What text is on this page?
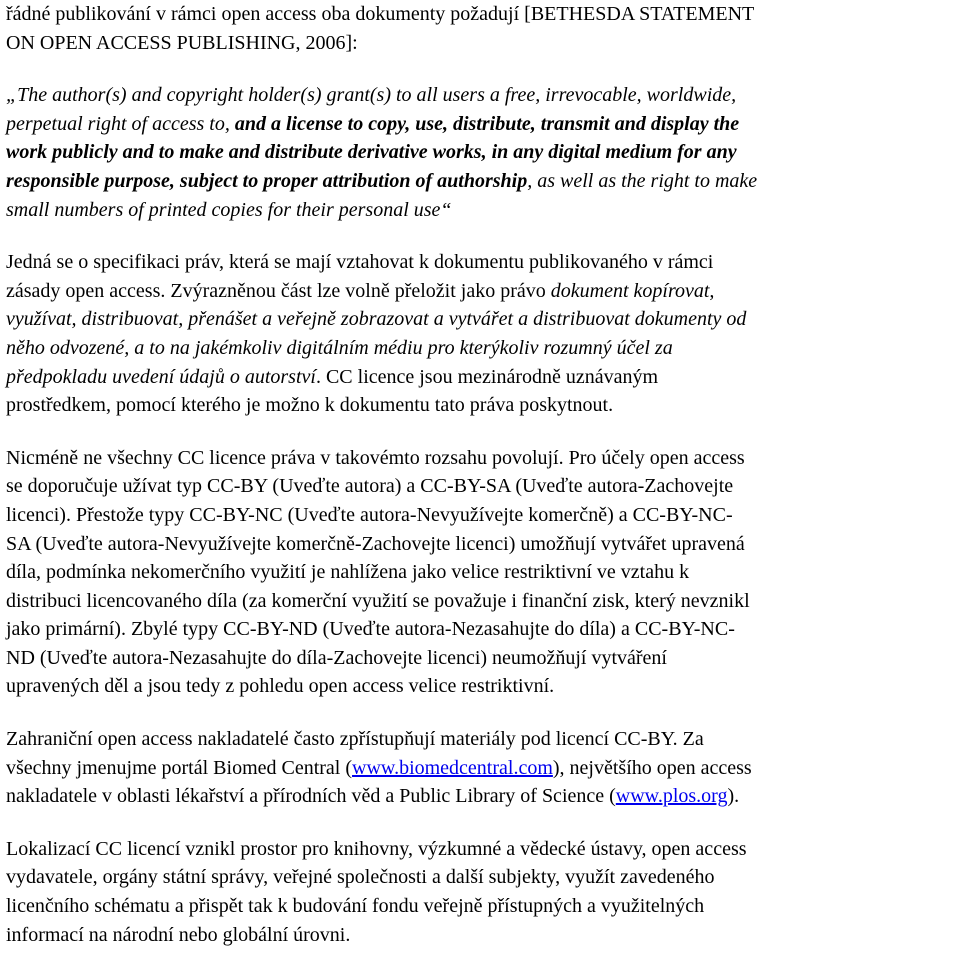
řádné publikování v rámci open access oba dokumenty požadují [BETHESDA STATEMENT
ON OPEN ACCESS PUBLISHING, 2006]:

„The author(s) and copyright holder(s) grant(s) to all users a free, irrevocable, worldwide,
perpetual right of access to, and a license to copy, use, distribute, transmit and display the
work publicly and to make and distribute derivative works, in any digital medium for any
responsible purpose, subject to proper attribution of authorship, as well as the right to make
small numbers of printed copies for their personal use“

Jedná se o specifikaci práv, která se mají vztahovat k dokumentu publikovaného v rámci
zásady open access. Zvýrazněnou část lze volně přeložit jako právo dokument kopírovat,
využívat, distribuovat, přenášet a veřejně zobrazovat a vytvářet a distribuovat dokumenty od
něho odvozené, a to na jakémkoliv digitálním médiu pro kterýkoliv rozumný účel za
předpokladu uvedení údajů o autorství. CC licence jsou mezinárodně uznávaným
prostředkem, pomocí kterého je možno k dokumentu tato práva poskytnout.

Nicméně ne všechny CC licence práva v takovémto rozsahu povolují. Pro účely open access
se doporučuje užívat typ CC-BY (Uveďte autora) a CC-BY-SA (Uveďte autora-Zachovejte
licenci). Přestože typy CC-BY-NC (Uveďte autora-Nevyužívejte komerčně) a CC-BY-NC-
SA (Uveďte autora-Nevyužívejte komerčně-Zachovejte licenci) umožňují vytvářet upravená
díla, podmínka nekomerčního využití je nahlížena jako velice restriktivní ve vztahu k
distribuci licencovaného díla (za komerční využití se považuje i finanční zisk, který nevznikl
jako primární). Zbylé typy CC-BY-ND (Uveďte autora-Nezasahujte do díla) a CC-BY-NC-
ND (Uveďte autora-Nezasahujte do díla-Zachovejte licenci) neumožňují vytváření
upravených děl a jsou tedy z pohledu open access velice restriktivní.

Zahraniční open access nakladatelé často zpřístupňují materiály pod licencí CC-BY. Za
všechny jmenujme portál Biomed Central (www.biomedcentral.com), největšího open access
nakladatele v oblasti lékařství a přírodních věd a Public Library of Science (www.plos.org).

Lokalizací CC licencí vznikl prostor pro knihovny, výzkumné a vědecké ústavy, open access
vydavatele, orgány státní správy, veřejné společnosti a další subjekty, využít zavedeného
licenčního schématu a přispět tak k budování fondu veřejně přístupných a využitelných
informací na národní nebo globální úrovni.
